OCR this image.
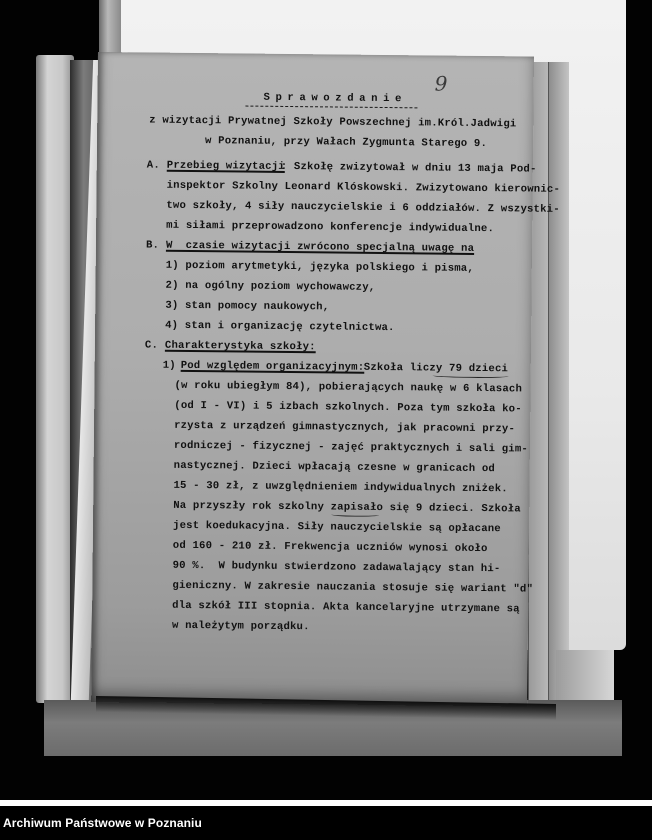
9
Sprawozdanie
z wizytacji Prywatnej Szkoły Powszechnej im.Król.Jadwigi
w Poznaniu, przy Wałach Zygmunta Starego 9.
A. Przebieg wizytacji
: Szkołę zwizytował w dniu 13 maja Pod-
inspektor Szkolny Leonard Klóskowski. Zwizytowano kierownic-
two szkoły, 4 siły nauczycielskie i 6 oddziałów. Z wszystki-
mi siłami przeprowadzono konferencje indywidualne.
B. W  czasie wizytacji zwrócono specjalną uwagę na
1) poziom arytmetyki, języka polskiego i pisma,
2) na ogólny poziom wychowawczy,
3) stan pomocy naukowych,
4) stan i organizację czytelnictwa.
C. Charakterystyka szkoły:
1) Pod względem organizacyjnym:
Szkoła liczy 79 dzieci
(w roku ubiegłym 84), pobierających naukę w 6 klasach
(od I - VI) i 5 izbach szkolnych. Poza tym szkoła ko-
rzysta z urządzeń gimnastycznych, jak pracowni przy-
rodniczej - fizycznej - zajęć praktycznych i sali gim-
nastycznej. Dzieci wpłacają czesne w granicach od
15 - 30 zł, z uwzględnieniem indywidualnych zniżek.
Na przyszły rok szkolny zapisało się 9 dzieci. Szkoła
jest koedukacyjna. Siły nauczycielskie są opłacane
od 160 - 210 zł. Frekwencja uczniów wynosi około
90 %.  W budynku stwierdzono zadawalający stan hi-
gieniczny. W zakresie nauczania stosuje się wariant "d"
dla szkół III stopnia. Akta kancelaryjne utrzymane są
w należytym porządku.
Archiwum Państwowe w Poznaniu
